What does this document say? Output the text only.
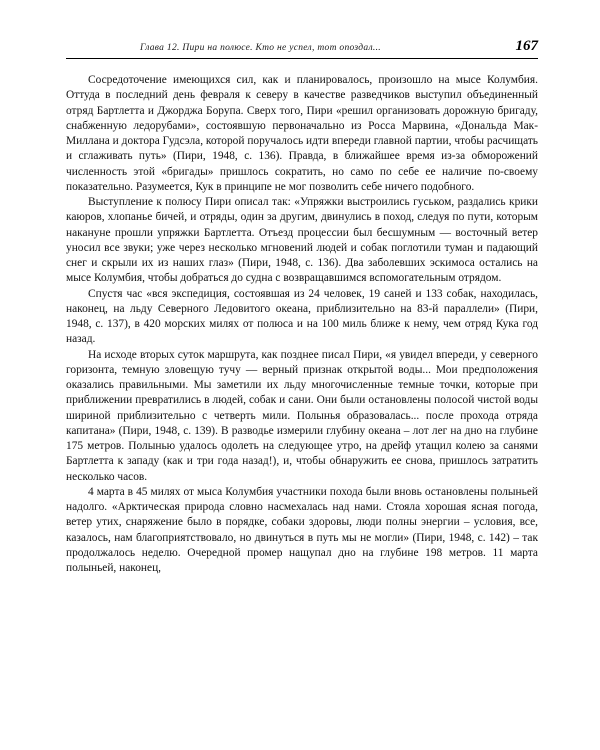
Глава 12. Пири на полюсе. Кто не успел, тот опоздал...	167

Сосредоточение имеющихся сил, как и планировалось, произошло на мысе Колумбия. Оттуда в последний день февраля к северу в качестве разведчиков выступил объединенный отряд Бартлетта и Джорджа Борупа. Сверх того, Пири «решил организовать дорожную бригаду, снабженную ледорубами», состоявшую первоначально из Росса Марвина, «Дональда Мак-Миллана и доктора Гудсэла, которой поручалось идти впереди главной партии, чтобы расчищать и сглаживать путь» (Пири, 1948, с. 136). Правда, в ближайшее время из-за обморожений численность этой «бригады» пришлось сократить, но само по себе ее наличие по-своему показательно. Разумеется, Кук в принципе не мог позволить себе ничего подобного.

Выступление к полюсу Пири описал так: «Упряжки выстроились гуськом, раздались крики каюров, хлопанье бичей, и отряды, один за другим, двинулись в поход, следуя по пути, которым накануне прошли упряжки Бартлетта. Отъезд процессии был бесшумным — восточный ветер уносил все звуки; уже через несколько мгновений людей и собак поглотили туман и падающий снег и скрыли их из наших глаз» (Пири, 1948, с. 136). Два заболевших эскимоса остались на мысе Колумбия, чтобы добраться до судна с возвращавшимся вспомогательным отрядом.

Спустя час «вся экспедиция, состоявшая из 24 человек, 19 саней и 133 собак, находилась, наконец, на льду Северного Ледовитого океана, приблизительно на 83-й параллели» (Пири, 1948, с. 137), в 420 морских милях от полюса и на 100 миль ближе к нему, чем отряд Кука год назад.

На исходе вторых суток маршрута, как позднее писал Пири, «я увидел впереди, у северного горизонта, темную зловещую тучу — верный признак открытой воды... Мои предположения оказались правильными. Мы заметили их льду многочисленные темные точки, которые при приближении превратились в людей, собак и сани. Они были остановлены полосой чистой воды шириной приблизительно с четверть мили. Полынья образовалась... после прохода отряда капитана» (Пири, 1948, с. 139). В разводье измерили глубину океана – лот лег на дно на глубине 175 метров. Полынью удалось одолеть на следующее утро, на дрейф утащил колею за санями Бартлетта к западу (как и три года назад!), и, чтобы обнаружить ее снова, пришлось затратить несколько часов.

4 марта в 45 милях от мыса Колумбия участники похода были вновь остановлены полыньей надолго. «Арктическая природа словно насмехалась над нами. Стояла хорошая ясная погода, ветер утих, снаряжение было в порядке, собаки здоровы, люди полны энергии – условия, все, казалось, нам благоприятствовало, но двинуться в путь мы не могли» (Пири, 1948, с. 142) – так продолжалось неделю. Очередной промер нащупал дно на глубине 198 метров. 11 марта полыньей, наконец,
